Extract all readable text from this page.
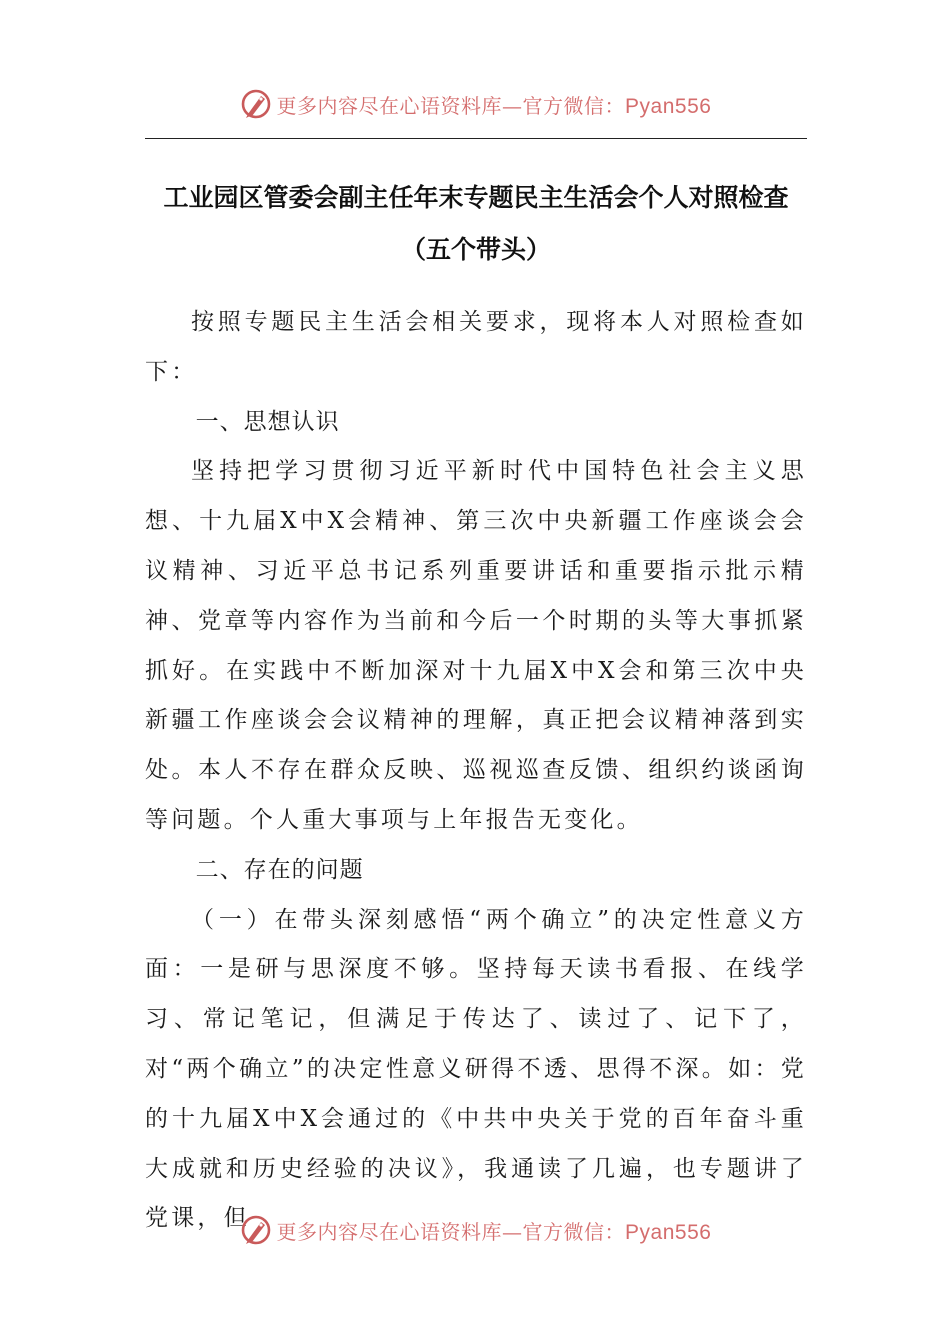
更多内容尽在心语资料库—官方微信：Pyan556
工业园区管委会副主任年末专题民主生活会个人对照检查
（五个带头）

按照专题民主生活会相关要求，现将本人对照检查如下：

一、思想认识

坚持把学习贯彻习近平新时代中国特色社会主义思想、十九届X中X会精神、第三次中央新疆工作座谈会会议精神、习近平总书记系列重要讲话和重要指示批示精神、党章等内容作为当前和今后一个时期的头等大事抓紧抓好。在实践中不断加深对十九届X中X会和第三次中央新疆工作座谈会会议精神的理解，真正把会议精神落到实处。本人不存在群众反映、巡视巡查反馈、组织约谈函询等问题。个人重大事项与上年报告无变化。

二、存在的问题

（一）在带头深刻感悟“两个确立”的决定性意义方面：一是研与思深度不够。坚持每天读书看报、在线学习、常记笔记，但满足于传达了、读过了、记下了，对“两个确立”的决定性意义研得不透、思得不深。如：党的十九届X中X会通过的《中共中央关于党的百年奋斗重大成就和历史经验的决议》，我通读了几遍，也专题讲了党课，但

更多内容尽在心语资料库—官方微信：Pyan556
